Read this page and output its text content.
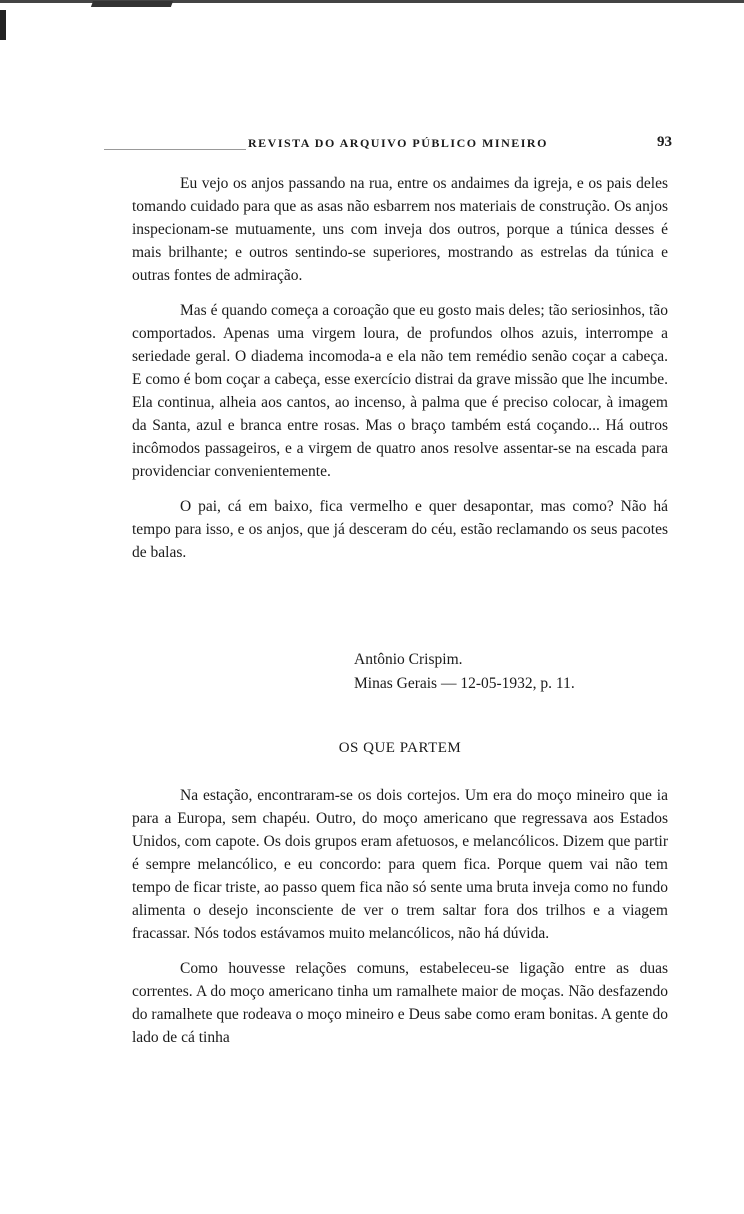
REVISTA DO ARQUIVO PÚBLICO MINEIRO	93

Eu vejo os anjos passando na rua, entre os andaimes da igreja, e os pais deles tomando cuidado para que as asas não esbarrem nos materiais de construção. Os anjos inspecionam-se mutuamente, uns com inveja dos outros, porque a túnica desses é mais brilhante; e outros sentindo-se superiores, mostrando as estrelas da túnica e outras fontes de admiração.

Mas é quando começa a coroação que eu gosto mais deles; tão seriosinhos, tão comportados. Apenas uma virgem loura, de profundos olhos azuis, interrompe a seriedade geral. O diadema incomoda-a e ela não tem remédio senão coçar a cabeça. E como é bom coçar a cabeça, esse exercício distrai da grave missão que lhe incumbe. Ela continua, alheia aos cantos, ao incenso, à palma que é preciso colocar, à imagem da Santa, azul e branca entre rosas. Mas o braço também está coçando... Há outros incômodos passageiros, e a virgem de quatro anos resolve assentar-se na escada para providenciar convenientemente.

O pai, cá em baixo, fica vermelho e quer desapontar, mas como? Não há tempo para isso, e os anjos, que já desceram do céu, estão reclamando os seus pacotes de balas.

Antônio Crispim.
Minas Gerais — 12-05-1932, p. 11.
OS QUE PARTEM

Na estação, encontraram-se os dois cortejos. Um era do moço mineiro que ia para a Europa, sem chapéu. Outro, do moço americano que regressava aos Estados Unidos, com capote. Os dois grupos eram afetuosos, e melancólicos. Dizem que partir é sempre melancólico, e eu concordo: para quem fica. Porque quem vai não tem tempo de ficar triste, ao passo quem fica não só sente uma bruta inveja como no fundo alimenta o desejo inconsciente de ver o trem saltar fora dos trilhos e a viagem fracassar. Nós todos estávamos muito melancólicos, não há dúvida.

Como houvesse relações comuns, estabeleceu-se ligação entre as duas correntes. A do moço americano tinha um ramalhete maior de moças. Não desfazendo do ramalhete que rodeava o moço mineiro e Deus sabe como eram bonitas. A gente do lado de cá tinha
